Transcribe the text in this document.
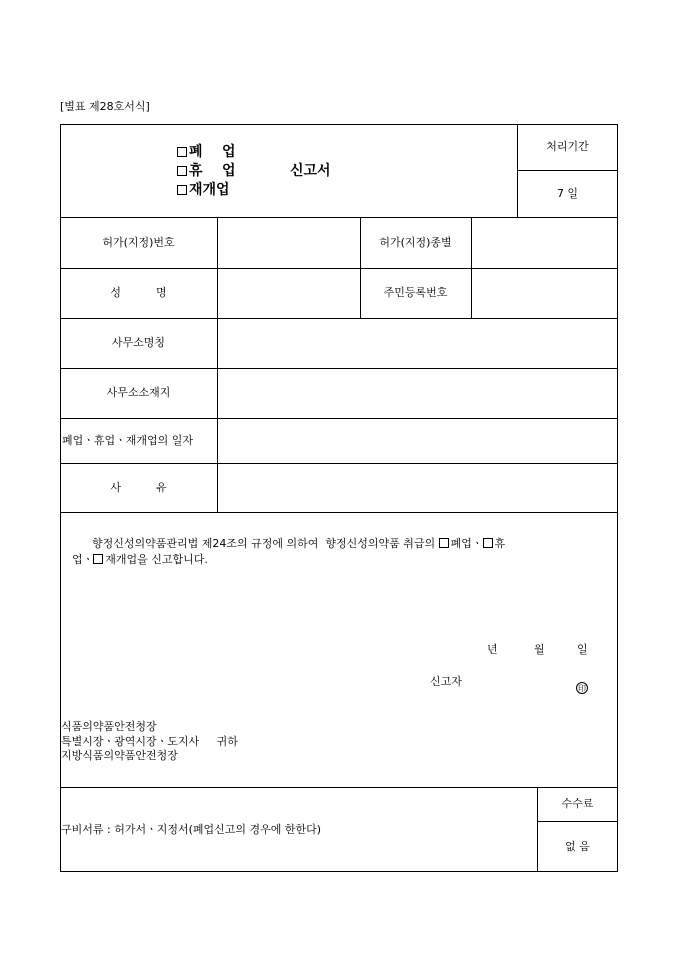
[별표 제28호서식]
폐    업
휴    업
재개업
신고서
처리기간
7 일
허가(지정)번호	허가(지정)종별
성          명	주민등록번호
사무소명칭
사무소소재지
폐업ㆍ휴업ㆍ재개업의 일자
사          유
향정신성의약품관리법 제24조의 규정에 의하여  향정신성의약품 취급의 폐업ㆍ 휴
업ㆍ 재개업을 신고합니다.
년	월	일
신고자
印
식품의약품안전청장
특별시장ㆍ광역시장ㆍ도지사     귀하
지방식품의약품안전청장
구비서류 : 허가서ㆍ지정서(폐업신고의 경우에 한한다)
수수료
없 음
